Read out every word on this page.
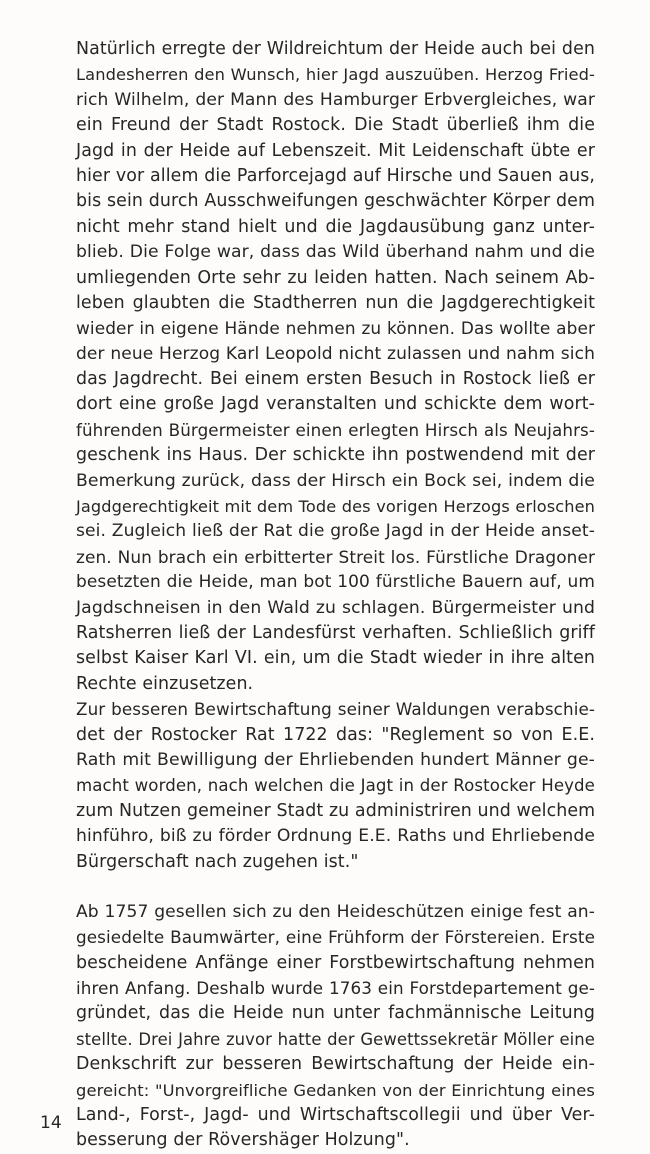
Natürlich erregte der Wildreichtum der Heide auch bei den
Landesherren den Wunsch, hier Jagd auszuüben. Herzog Fried-
rich Wilhelm, der Mann des Hamburger Erbvergleiches, war
ein Freund der Stadt Rostock. Die Stadt überließ ihm die
Jagd in der Heide auf Lebenszeit. Mit Leidenschaft übte er
hier vor allem die Parforcejagd auf Hirsche und Sauen aus,
bis sein durch Ausschweifungen geschwächter Körper dem
nicht mehr stand hielt und die Jagdausübung ganz unter-
blieb. Die Folge war, dass das Wild überhand nahm und die
umliegenden Orte sehr zu leiden hatten. Nach seinem Ab-
leben glaubten die Stadtherren nun die Jagdgerechtigkeit
wieder in eigene Hände nehmen zu können. Das wollte aber
der neue Herzog Karl Leopold nicht zulassen und nahm sich
das Jagdrecht. Bei einem ersten Besuch in Rostock ließ er
dort eine große Jagd veranstalten und schickte dem wort-
führenden Bürgermeister einen erlegten Hirsch als Neujahrs-
geschenk ins Haus. Der schickte ihn postwendend mit der
Bemerkung zurück, dass der Hirsch ein Bock sei, indem die
Jagdgerechtigkeit mit dem Tode des vorigen Herzogs erloschen
sei. Zugleich ließ der Rat die große Jagd in der Heide anset-
zen. Nun brach ein erbitterter Streit los. Fürstliche Dragoner
besetzten die Heide, man bot 100 fürstliche Bauern auf, um
Jagdschneisen in den Wald zu schlagen. Bürgermeister und
Ratsherren ließ der Landesfürst verhaften. Schließlich griff
selbst Kaiser Karl VI. ein, um die Stadt wieder in ihre alten
Rechte einzusetzen.
Zur besseren Bewirtschaftung seiner Waldungen verabschie-
det der Rostocker Rat 1722 das: "Reglement so von E.E.
Rath mit Bewilligung der Ehrliebenden hundert Männer ge-
macht worden, nach welchen die Jagt in der Rostocker Heyde
zum Nutzen gemeiner Stadt zu administriren und welchem
hinführo, biß zu förder Ordnung E.E. Raths und Ehrliebende
Bürgerschaft nach zugehen ist."
Ab 1757 gesellen sich zu den Heideschützen einige fest an-
gesiedelte Baumwärter, eine Frühform der Förstereien. Erste
bescheidene Anfänge einer Forstbewirtschaftung nehmen
ihren Anfang. Deshalb wurde 1763 ein Forstdepartement ge-
gründet, das die Heide nun unter fachmännische Leitung
stellte. Drei Jahre zuvor hatte der Gewettssekretär Möller eine
Denkschrift zur besseren Bewirtschaftung der Heide ein-
gereicht: "Unvorgreifliche Gedanken von der Einrichtung eines
Land-, Forst-, Jagd- und Wirtschaftscollegii und über Ver-
besserung der Rövershäger Holzung".
14
